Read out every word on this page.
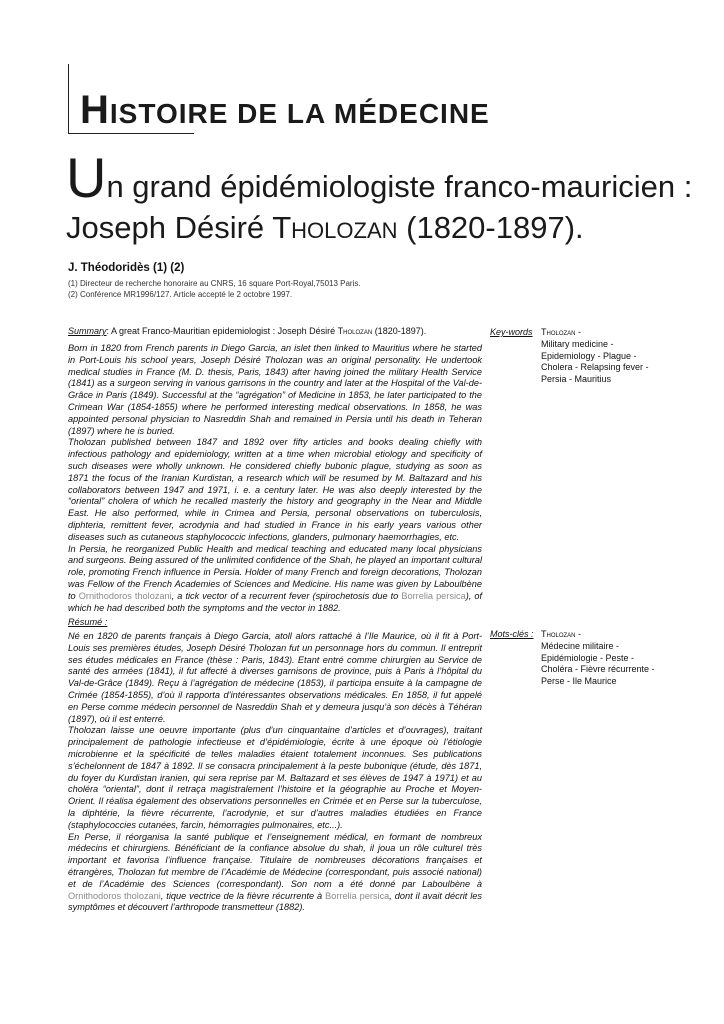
HISTOIRE DE LA MÉDECINE
Un grand épidémiologiste franco-mauricien :
Joseph Désiré Tholozan (1820-1897).
J. Théodoridès (1) (2)
(1) Directeur de recherche honoraire au CNRS, 16 square Port-Royal,75013 Paris.
(2) Conférence MR1996/127. Article accepté le 2 octobre 1997.
Summary: A great Franco-Mauritian epidemiologist : Joseph Désiré Tholozan (1820-1897).

Born in 1820 from French parents in Diego Garcia, an islet then linked to Mauritius where he started in Port-Louis his school years, Joseph Désiré Tholozan was an original personality. He undertook medical studies in France (M. D. thesis, Paris, 1843) after having joined the military Health Service (1841) as a surgeon serving in various garrisons in the country and later at the Hospital of the Val-de-Grâce in Paris (1849). Successful at the “agrégation” of Medicine in 1853, he later participated to the Crimean War (1854-1855) where he performed interesting medical observations. In 1858, he was appointed personal physician to Nasreddin Shah and remained in Persia until his death in Teheran (1897) where he is buried.

Tholozan published between 1847 and 1892 over fifty articles and books dealing chiefly with infectious pathology and epidemiology, written at a time when microbial etiology and specificity of such diseases were wholly unknown. He considered chiefly bubonic plague, studying as soon as 1871 the focus of the Iranian Kurdistan, a research which will be resumed by M. Baltazard and his collaborators between 1947 and 1971, i. e. a century later. He was also deeply interested by the “oriental” cholera of which he recalled masterly the history and geography in the Near and Middle East. He also performed, while in Crimea and Persia, personal observations on tuberculosis, diphteria, remittent fever, acrodynia and had studied in France in his early years various other diseases such as cutaneous staphylococcic infections, glanders, pulmonary haemorrhagies, etc.

In Persia, he reorganized Public Health and medical teaching and educated many local physicians and surgeons. Being assured of the unlimited confidence of the Shah, he played an important cultural role, promoting French influence in Persia. Holder of many French and foreign decorations, Tholozan was Fellow of the French Academies of Sciences and Medicine. His name was given by Laboulbène to Ornithodoros tholozani, a tick vector of a recurrent fever (spirochetosis due to Borrelia persica), of which he had described both the symptoms and the vector in 1882.

Key-words Tholozan -
Military medicine -
Epidemiology - Plague -
Cholera - Relapsing fever -
Persia - Mauritius
Résumé :

Né en 1820 de parents français à Diego Garcia, atoll alors rattaché à l’Ile Maurice, où il fit à Port-Louis ses premières études, Joseph Désiré Tholozan fut un personnage hors du commun. Il entreprit ses études médicales en France (thèse : Paris, 1843). Etant entré comme chirurgien au Service de santé des armées (1841), il fut affecté à diverses garnisons de province, puis à Paris à l’hôpital du Val-de-Grâce (1849). Reçu à l’agrégation de médecine (1853), il participa ensuite à la campagne de Crimée (1854-1855), d’où il rapporta d’intéressantes observations médicales. En 1858, il fut appelé en Perse comme médecin personnel de Nasreddin Shah et y demeura jusqu’à son décès à Téhéran (1897), où il est enterré.

Tholozan laisse une oeuvre importante (plus d’un cinquantaine d’articles et d’ouvrages), traitant principalement de pathologie infectieuse et d’épidémiologie, écrite à une époque où l’étiologie microbienne et la spécificité de telles maladies étaient totalement inconnues. Ses publications s’échelonnent de 1847 à 1892. Il se consacra principalement à la peste bubonique (étude, dès 1871, du foyer du Kurdistan iranien, qui sera reprise par M. Baltazard et ses élèves de 1947 à 1971) et au choléra “oriental”, dont il retraça magistralement l’histoire et la géographie au Proche et Moyen-Orient. Il réalisa également des observations personnelles en Crimée et en Perse sur la tuberculose, la diphtérie, la fièvre récurrente, l’acrodynie, et sur d’autres maladies étudiées en France (staphylococcies cutanées, farcin, hémorragies pulmonaires, etc...).

En Perse, il réorganisa la santé publique et l’enseignement médical, en formant de nombreux médecins et chirurgiens. Bénéficiant de la confiance absolue du shah, il joua un rôle culturel très important et favorisa l’influence française. Titulaire de nombreuses décorations françaises et étrangères, Tholozan fut membre de l’Académie de Médecine (correspondant, puis associé national) et de l’Académie des Sciences (correspondant). Son nom a été donné par Laboulbène à Ornithodoros tholozani, tique vectrice de la fièvre récurrente à Borrelia persica, dont il avait décrit les symptômes et découvert l’arthropode transmetteur (1882).

Mots-clés : Tholozan -
Médecine militaire -
Epidémiologie - Peste -
Choléra - Fièvre récurrente -
Perse - Ile Maurice
